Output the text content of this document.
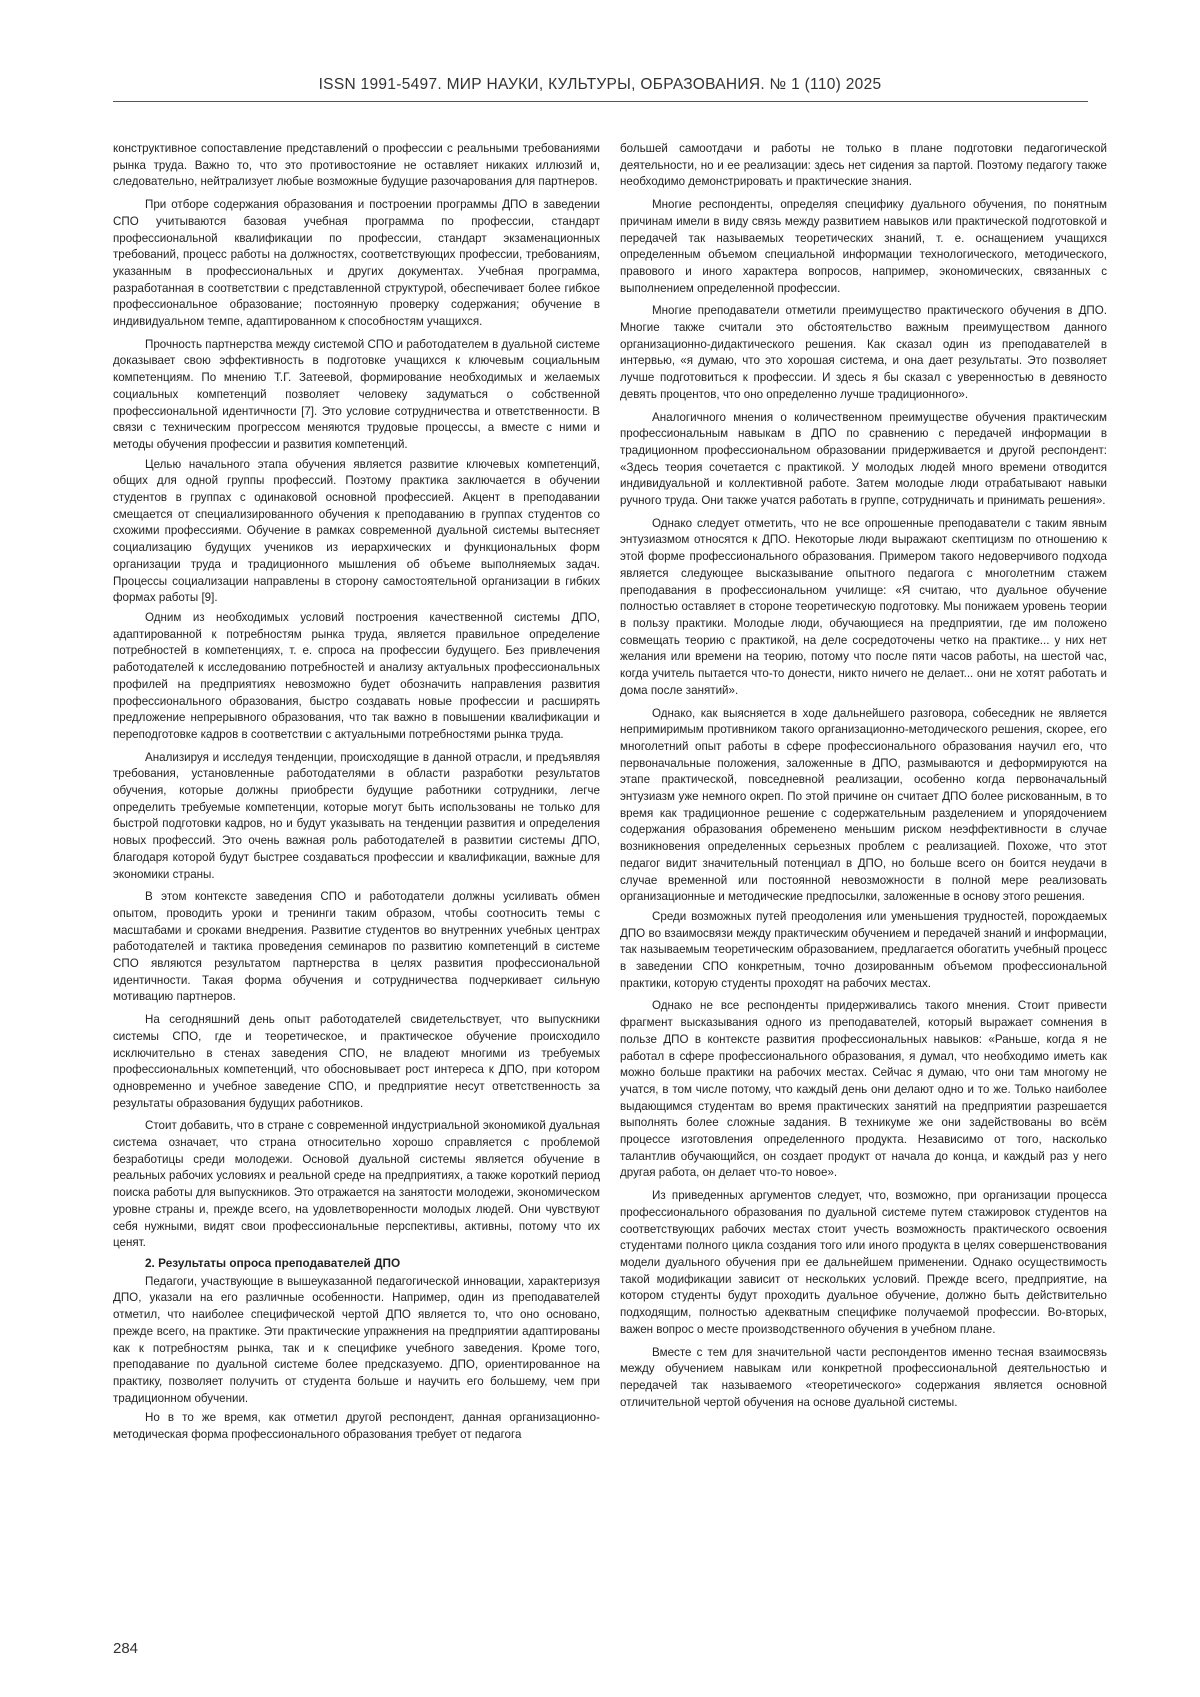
ISSN 1991-5497. МИР НАУКИ, КУЛЬТУРЫ, ОБРАЗОВАНИЯ. № 1 (110) 2025

конструктивное сопоставление представлений о профессии с реальными требованиями рынка труда. Важно то, что это противостояние не оставляет никаких иллюзий и, следовательно, нейтрализует любые возможные будущие разочарования для партнеров.

При отборе содержания образования и построении программы ДПО в заведении СПО учитываются базовая учебная программа по профессии, стандарт профессиональной квалификации по профессии, стандарт экзаменационных требований, процесс работы на должностях, соответствующих профессии, требованиям, указанным в профессиональных и других документах. Учебная программа, разработанная в соответствии с представленной структурой, обеспечивает более гибкое профессиональное образование; постоянную проверку содержания; обучение в индивидуальном темпе, адаптированном к способностям учащихся.

Прочность партнерства между системой СПО и работодателем в дуальной системе доказывает свою эффективность в подготовке учащихся к ключевым социальным компетенциям. По мнению Т.Г. Затеевой, формирование необходимых и желаемых социальных компетенций позволяет человеку задуматься о собственной профессиональной идентичности [7]. Это условие сотрудничества и ответственности. В связи с техническим прогрессом меняются трудовые процессы, а вместе с ними и методы обучения профессии и развития компетенций.

Целью начального этапа обучения является развитие ключевых компетенций, общих для одной группы профессий. Поэтому практика заключается в обучении студентов в группах с одинаковой основной профессией. Акцент в преподавании смещается от специализированного обучения к преподаванию в группах студентов со схожими профессиями. Обучение в рамках современной дуальной системы вытесняет социализацию будущих учеников из иерархических и функциональных форм организации труда и традиционного мышления об объеме выполняемых задач. Процессы социализации направлены в сторону самостоятельной организации в гибких формах работы [9].

Одним из необходимых условий построения качественной системы ДПО, адаптированной к потребностям рынка труда, является правильное определение потребностей в компетенциях, т. е. спроса на профессии будущего. Без привлечения работодателей к исследованию потребностей и анализу актуальных профессиональных профилей на предприятиях невозможно будет обозначить направления развития профессионального образования, быстро создавать новые профессии и расширять предложение непрерывного образования, что так важно в повышении квалификации и переподготовке кадров в соответствии с актуальными потребностями рынка труда.

Анализируя и исследуя тенденции, происходящие в данной отрасли, и предъявляя требования, установленные работодателями в области разработки результатов обучения, которые должны приобрести будущие работники сотрудники, легче определить требуемые компетенции, которые могут быть использованы не только для быстрой подготовки кадров, но и будут указывать на тенденции развития и определения новых профессий. Это очень важная роль работодателей в развитии системы ДПО, благодаря которой будут быстрее создаваться профессии и квалификации, важные для экономики страны.

В этом контексте заведения СПО и работодатели должны усиливать обмен опытом, проводить уроки и тренинги таким образом, чтобы соотносить темы с масштабами и сроками внедрения. Развитие студентов во внутренних учебных центрах работодателей и тактика проведения семинаров по развитию компетенций в системе СПО являются результатом партнерства в целях развития профессиональной идентичности. Такая форма обучения и сотрудничества подчеркивает сильную мотивацию партнеров.

На сегодняшний день опыт работодателей свидетельствует, что выпускники системы СПО, где и теоретическое, и практическое обучение происходило исключительно в стенах заведения СПО, не владеют многими из требуемых профессиональных компетенций, что обосновывает рост интереса к ДПО, при котором одновременно и учебное заведение СПО, и предприятие несут ответственность за результаты образования будущих работников.

Стоит добавить, что в стране с современной индустриальной экономикой дуальная система означает, что страна относительно хорошо справляется с проблемой безработицы среди молодежи. Основой дуальной системы является обучение в реальных рабочих условиях и реальной среде на предприятиях, а также короткий период поиска работы для выпускников. Это отражается на занятости молодежи, экономическом уровне страны и, прежде всего, на удовлетворенности молодых людей. Они чувствуют себя нужными, видят свои профессиональные перспективы, активны, потому что их ценят.

2. Результаты опроса преподавателей ДПО

Педагоги, участвующие в вышеуказанной педагогической инновации, характеризуя ДПО, указали на его различные особенности. Например, один из преподавателей отметил, что наиболее специфической чертой ДПО является то, что оно основано, прежде всего, на практике. Эти практические упражнения на предприятии адаптированы как к потребностям рынка, так и к специфике учебного заведения. Кроме того, преподавание по дуальной системе более предсказуемо. ДПО, ориентированное на практику, позволяет получить от студента больше и научить его большему, чем при традиционном обучении.

Но в то же время, как отметил другой респондент, данная организационно-методическая форма профессионального образования требует от педагога

большей самоотдачи и работы не только в плане подготовки педагогической деятельности, но и ее реализации: здесь нет сидения за партой. Поэтому педагогу также необходимо демонстрировать и практические знания.

Многие респонденты, определяя специфику дуального обучения, по понятным причинам имели в виду связь между развитием навыков или практической подготовкой и передачей так называемых теоретических знаний, т. е. оснащением учащихся определенным объемом специальной информации технологического, методического, правового и иного характера вопросов, например, экономических, связанных с выполнением определенной профессии.

Многие преподаватели отметили преимущество практического обучения в ДПО. Многие также считали это обстоятельство важным преимуществом данного организационно-дидактического решения. Как сказал один из преподавателей в интервью, «я думаю, что это хорошая система, и она дает результаты. Это позволяет лучше подготовиться к профессии. И здесь я бы сказал с уверенностью в девяносто девять процентов, что оно определенно лучше традиционного».

Аналогичного мнения о количественном преимуществе обучения практическим профессиональным навыкам в ДПО по сравнению с передачей информации в традиционном профессиональном образовании придерживается и другой респондент: «Здесь теория сочетается с практикой. У молодых людей много времени отводится индивидуальной и коллективной работе. Затем молодые люди отрабатывают навыки ручного труда. Они также учатся работать в группе, сотрудничать и принимать решения».

Однако следует отметить, что не все опрошенные преподаватели с таким явным энтузиазмом относятся к ДПО. Некоторые люди выражают скептицизм по отношению к этой форме профессионального образования. Примером такого недоверчивого подхода является следующее высказывание опытного педагога с многолетним стажем преподавания в профессиональном училище: «Я считаю, что дуальное обучение полностью оставляет в стороне теоретическую подготовку. Мы понижаем уровень теории в пользу практики. Молодые люди, обучающиеся на предприятии, где им положено совмещать теорию с практикой, на деле сосредоточены четко на практике... у них нет желания или времени на теорию, потому что после пяти часов работы, на шестой час, когда учитель пытается что-то донести, никто ничего не делает... они не хотят работать и дома после занятий».

Однако, как выясняется в ходе дальнейшего разговора, собеседник не является непримиримым противником такого организационно-методического решения, скорее, его многолетний опыт работы в сфере профессионального образования научил его, что первоначальные положения, заложенные в ДПО, размываются и деформируются на этапе практической, повседневной реализации, особенно когда первоначальный энтузиазм уже немного окреп. По этой причине он считает ДПО более рискованным, в то время как традиционное решение с содержательным разделением и упорядочением содержания образования обременено меньшим риском неэффективности в случае возникновения определенных серьезных проблем с реализацией. Похоже, что этот педагог видит значительный потенциал в ДПО, но больше всего он боится неудачи в случае временной или постоянной невозможности в полной мере реализовать организационные и методические предпосылки, заложенные в основу этого решения.

Среди возможных путей преодоления или уменьшения трудностей, порождаемых ДПО во взаимосвязи между практическим обучением и передачей знаний и информации, так называемым теоретическим образованием, предлагается обогатить учебный процесс в заведении СПО конкретным, точно дозированным объемом профессиональной практики, которую студенты проходят на рабочих местах.

Однако не все респонденты придерживались такого мнения. Стоит привести фрагмент высказывания одного из преподавателей, который выражает сомнения в пользе ДПО в контексте развития профессиональных навыков: «Раньше, когда я не работал в сфере профессионального образования, я думал, что необходимо иметь как можно больше практики на рабочих местах. Сейчас я думаю, что они там многому не учатся, в том числе потому, что каждый день они делают одно и то же. Только наиболее выдающимся студентам во время практических занятий на предприятии разрешается выполнять более сложные задания. В техникуме же они задействованы во всём процессе изготовления определенного продукта. Независимо от того, насколько талантлив обучающийся, он создает продукт от начала до конца, и каждый раз у него другая работа, он делает что-то новое».

Из приведенных аргументов следует, что, возможно, при организации процесса профессионального образования по дуальной системе путем стажировок студентов на соответствующих рабочих местах стоит учесть возможность практического освоения студентами полного цикла создания того или иного продукта в целях совершенствования модели дуального обучения при ее дальнейшем применении. Однако осуществимость такой модификации зависит от нескольких условий. Прежде всего, предприятие, на котором студенты будут проходить дуальное обучение, должно быть действительно подходящим, полностью адекватным специфике получаемой профессии. Во-вторых, важен вопрос о месте производственного обучения в учебном плане.

Вместе с тем для значительной части респондентов именно тесная взаимосвязь между обучением навыкам или конкретной профессиональной деятельностью и передачей так называемого «теоретического» содержания является основной отличительной чертой обучения на основе дуальной системы.

284
